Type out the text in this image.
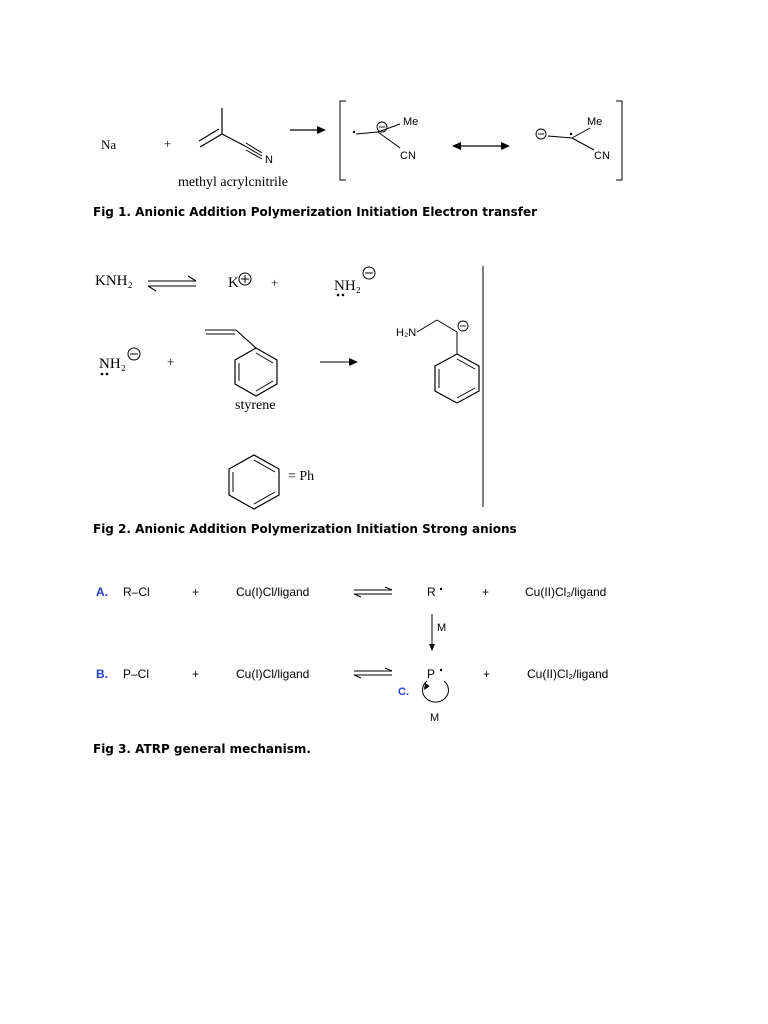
Na	+
N
methyl acrylcnitrile
Me
CN
Me
CN
Fig 1. Anionic Addition Polymerization Initiation Electron transfer
KNH₂	K +	NH₂
NH₂	+
styrene
H₂N
= Ph
Fig 2. Anionic Addition Polymerization Initiation Strong anions
A. R–Cl	+	Cu(I)Cl/ligand	R	+	Cu(II)Cl₂/ligand
M
B. P–Cl	+	Cu(I)Cl/ligand	P	+	Cu(II)Cl₂/ligand
C.
M
Fig 3. ATRP general mechanism.
